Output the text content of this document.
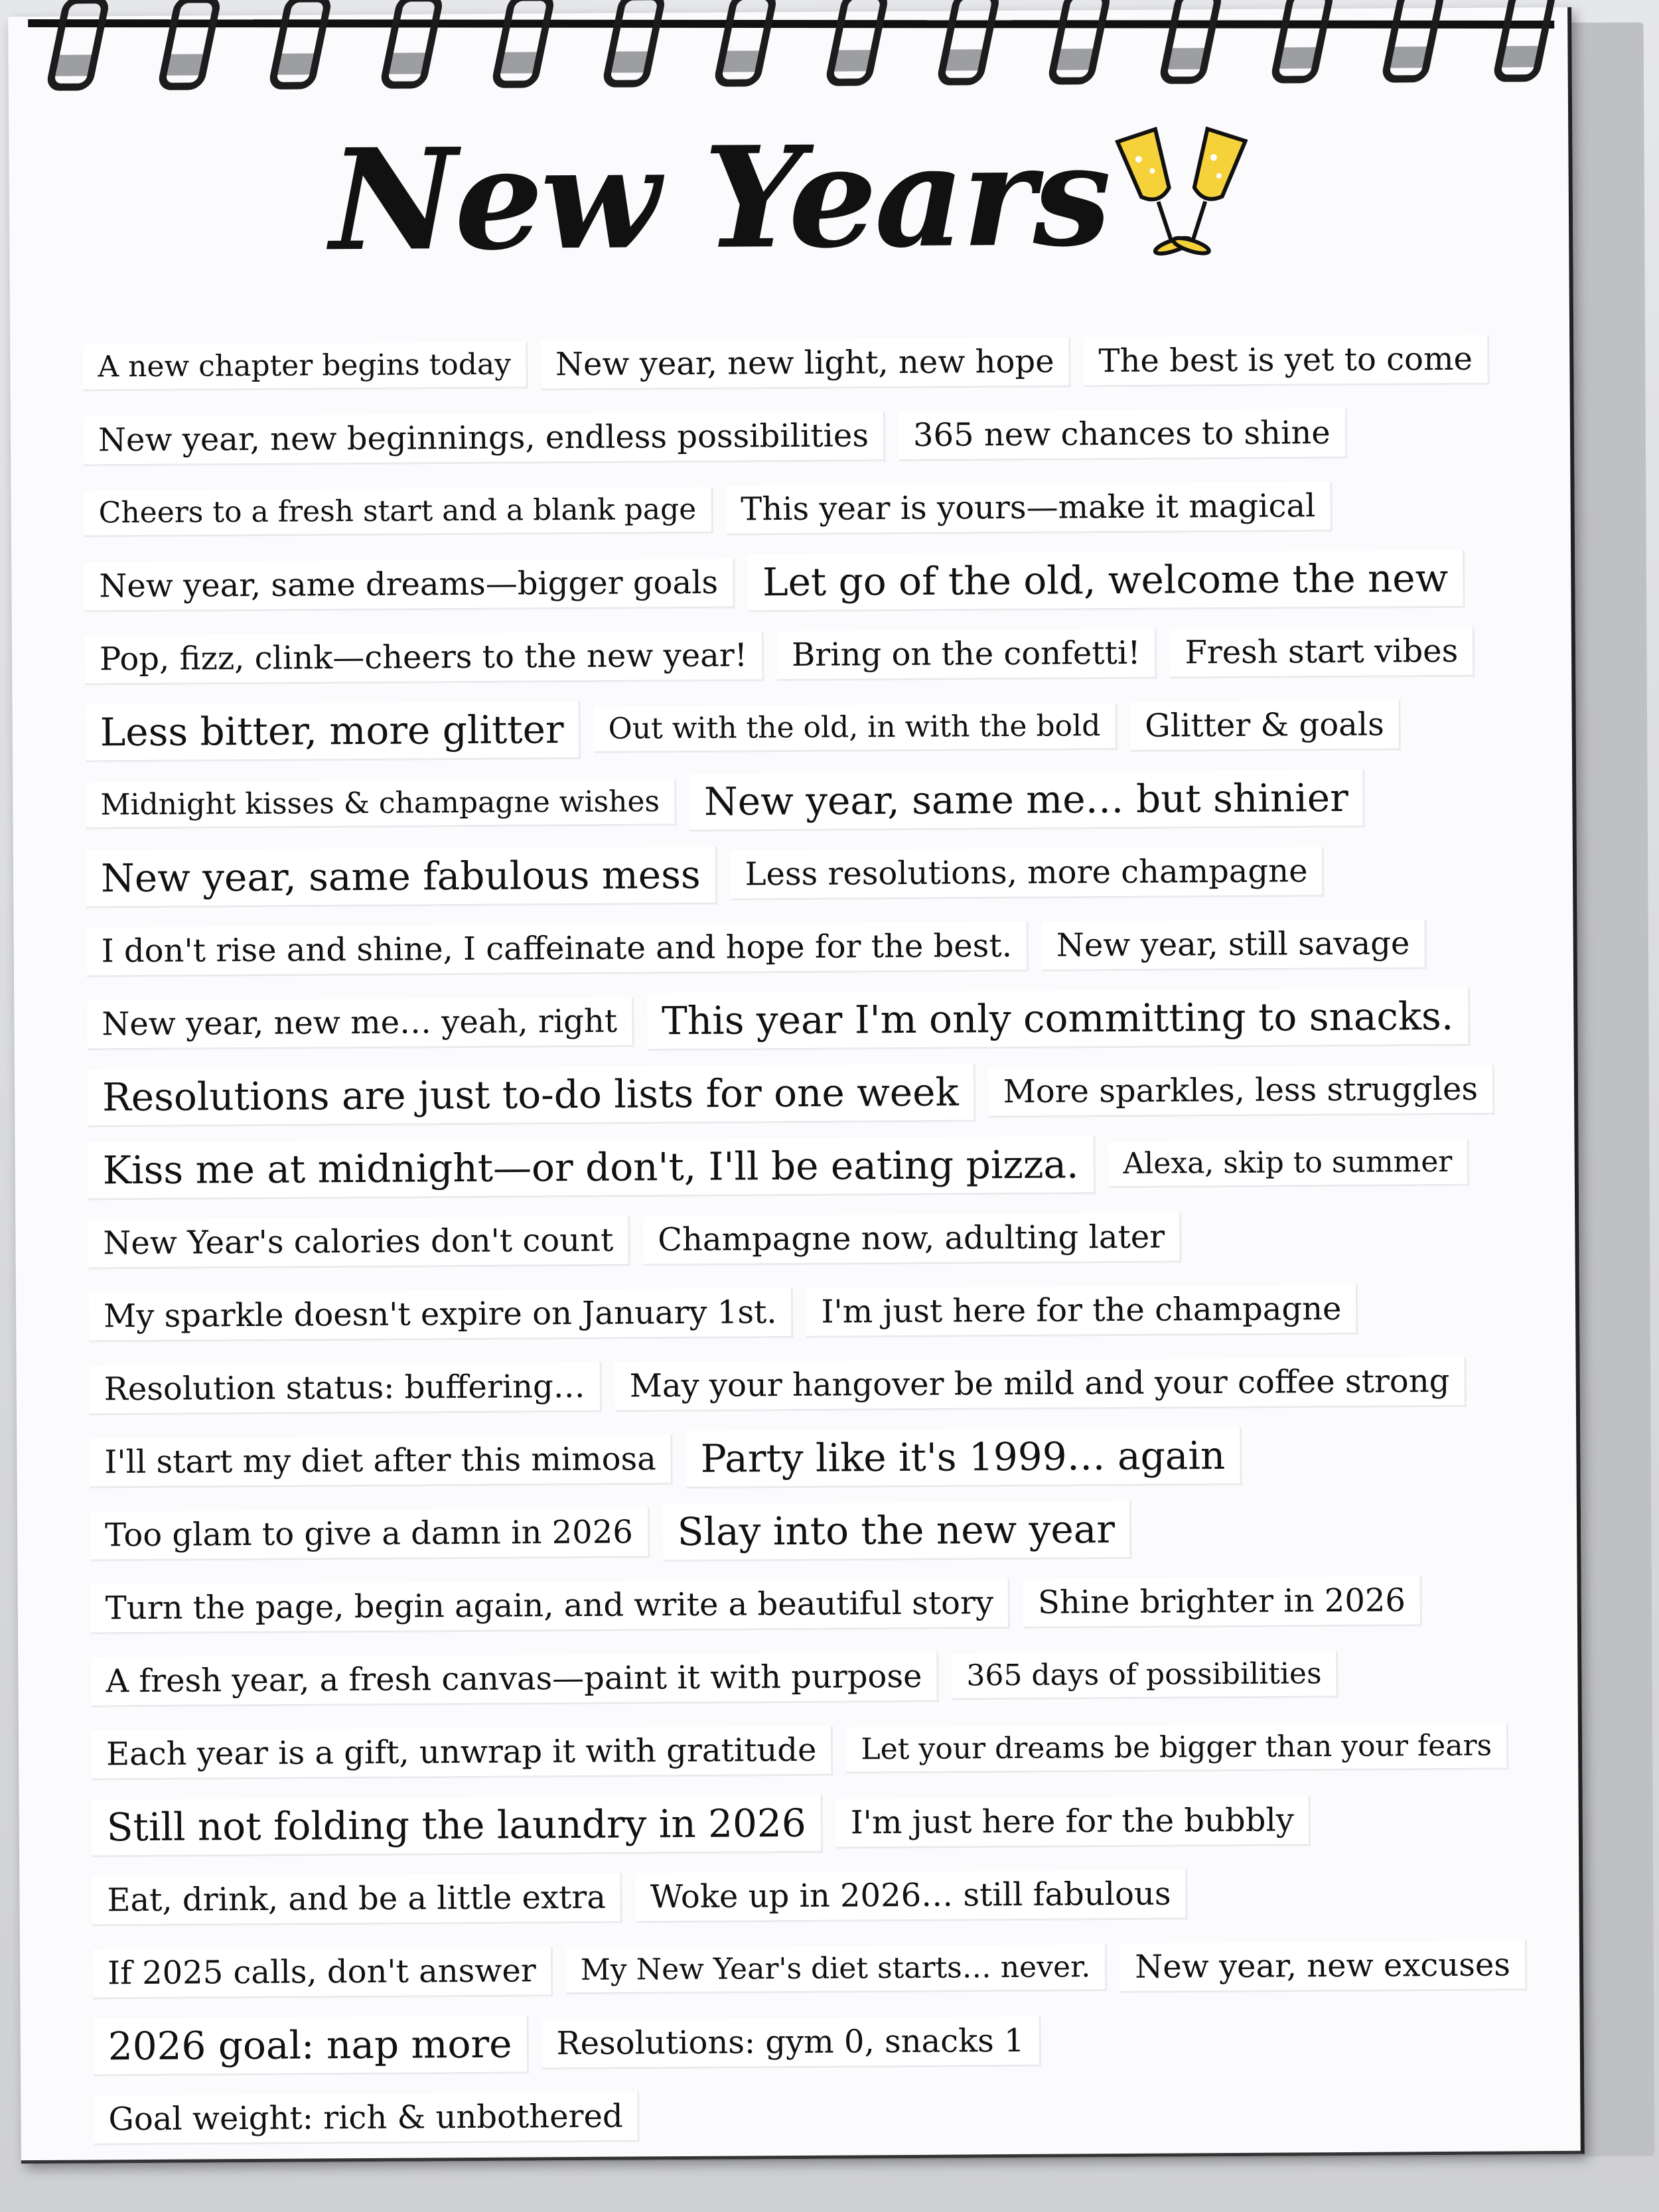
New Years
A new chapter begins today	New year, new light, new hope	The best is yet to come
New year, new beginnings, endless possibilities	365 new chances to shine
Cheers to a fresh start and a blank page	This year is yours—make it magical
New year, same dreams—bigger goals	Let go of the old, welcome the new
Pop, fizz, clink—cheers to the new year!	Bring on the confetti!	Fresh start vibes
Less bitter, more glitter	Out with the old, in with the bold	Glitter & goals
Midnight kisses & champagne wishes	New year, same me… but shinier
New year, same fabulous mess	Less resolutions, more champagne
I don't rise and shine, I caffeinate and hope for the best.	New year, still savage
New year, new me… yeah, right	This year I'm only committing to snacks.
Resolutions are just to-do lists for one week	More sparkles, less struggles
Kiss me at midnight—or don't, I'll be eating pizza.	Alexa, skip to summer
New Year's calories don't count	Champagne now, adulting later
My sparkle doesn't expire on January 1st.	I'm just here for the champagne
Resolution status: buffering…	May your hangover be mild and your coffee strong
I'll start my diet after this mimosa	Party like it's 1999… again
Too glam to give a damn in 2026	Slay into the new year
Turn the page, begin again, and write a beautiful story	Shine brighter in 2026
A fresh year, a fresh canvas—paint it with purpose	365 days of possibilities
Each year is a gift, unwrap it with gratitude	Let your dreams be bigger than your fears
Still not folding the laundry in 2026	I'm just here for the bubbly
Eat, drink, and be a little extra	Woke up in 2026… still fabulous
If 2025 calls, don't answer	My New Year's diet starts… never.	New year, new excuses
2026 goal: nap more	Resolutions: gym 0, snacks 1
Goal weight: rich & unbothered
